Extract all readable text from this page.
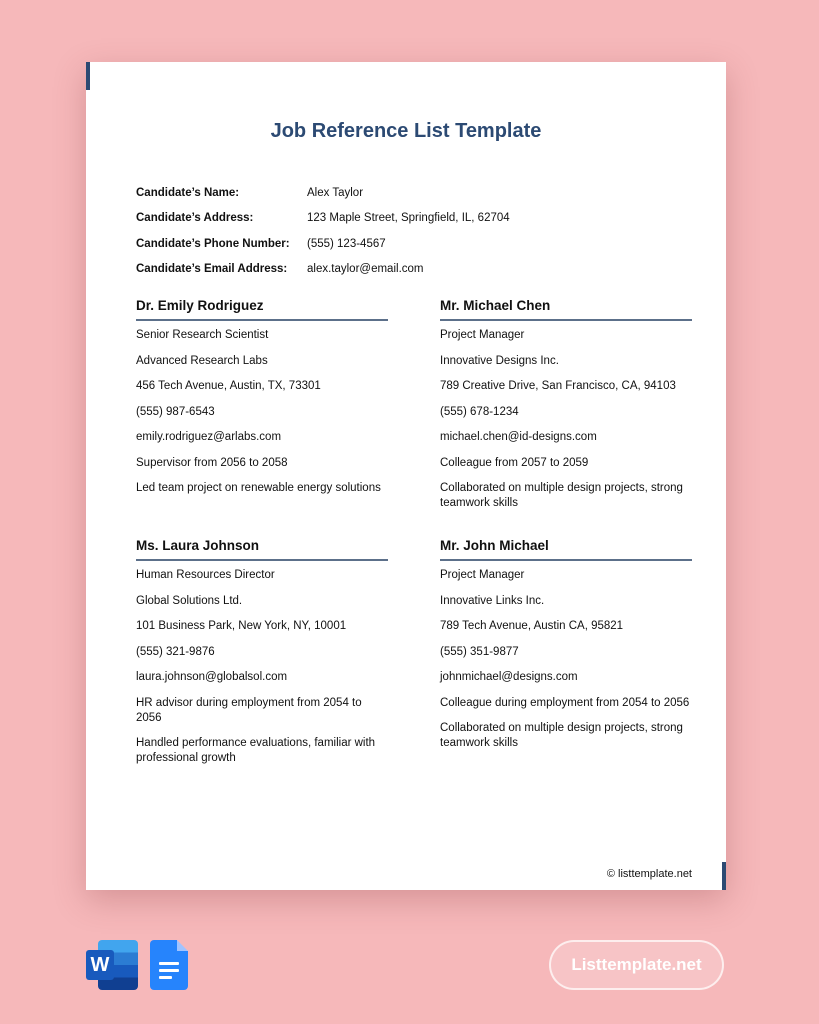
Job Reference List Template
Candidate’s Name:	Alex Taylor
Candidate’s Address:	123 Maple Street, Springfield, IL, 62704
Candidate’s Phone Number:	(555) 123-4567
Candidate’s Email Address:	alex.taylor@email.com
Dr. Emily Rodriguez
Senior Research Scientist
Advanced Research Labs
456 Tech Avenue, Austin, TX, 73301
(555) 987-6543
emily.rodriguez@arlabs.com
Supervisor from 2056 to 2058
Led team project on renewable energy solutions
Mr. Michael Chen
Project Manager
Innovative Designs Inc.
789 Creative Drive, San Francisco, CA, 94103
(555) 678-1234
michael.chen@id-designs.com
Colleague from 2057 to 2059
Collaborated on multiple design projects, strong teamwork skills
Ms. Laura Johnson
Human Resources Director
Global Solutions Ltd.
101 Business Park, New York, NY, 10001
(555) 321-9876
laura.johnson@globalsol.com
HR advisor during employment from 2054 to 2056
Handled performance evaluations, familiar with professional growth
Mr. John Michael
Project Manager
Innovative Links Inc.
789 Tech Avenue, Austin CA, 95821
(555) 351-9877
johnmichael@designs.com
Colleague during employment from 2054 to 2056
Collaborated on multiple design projects, strong teamwork skills
© listtemplate.net
W	Listtemplate.net
